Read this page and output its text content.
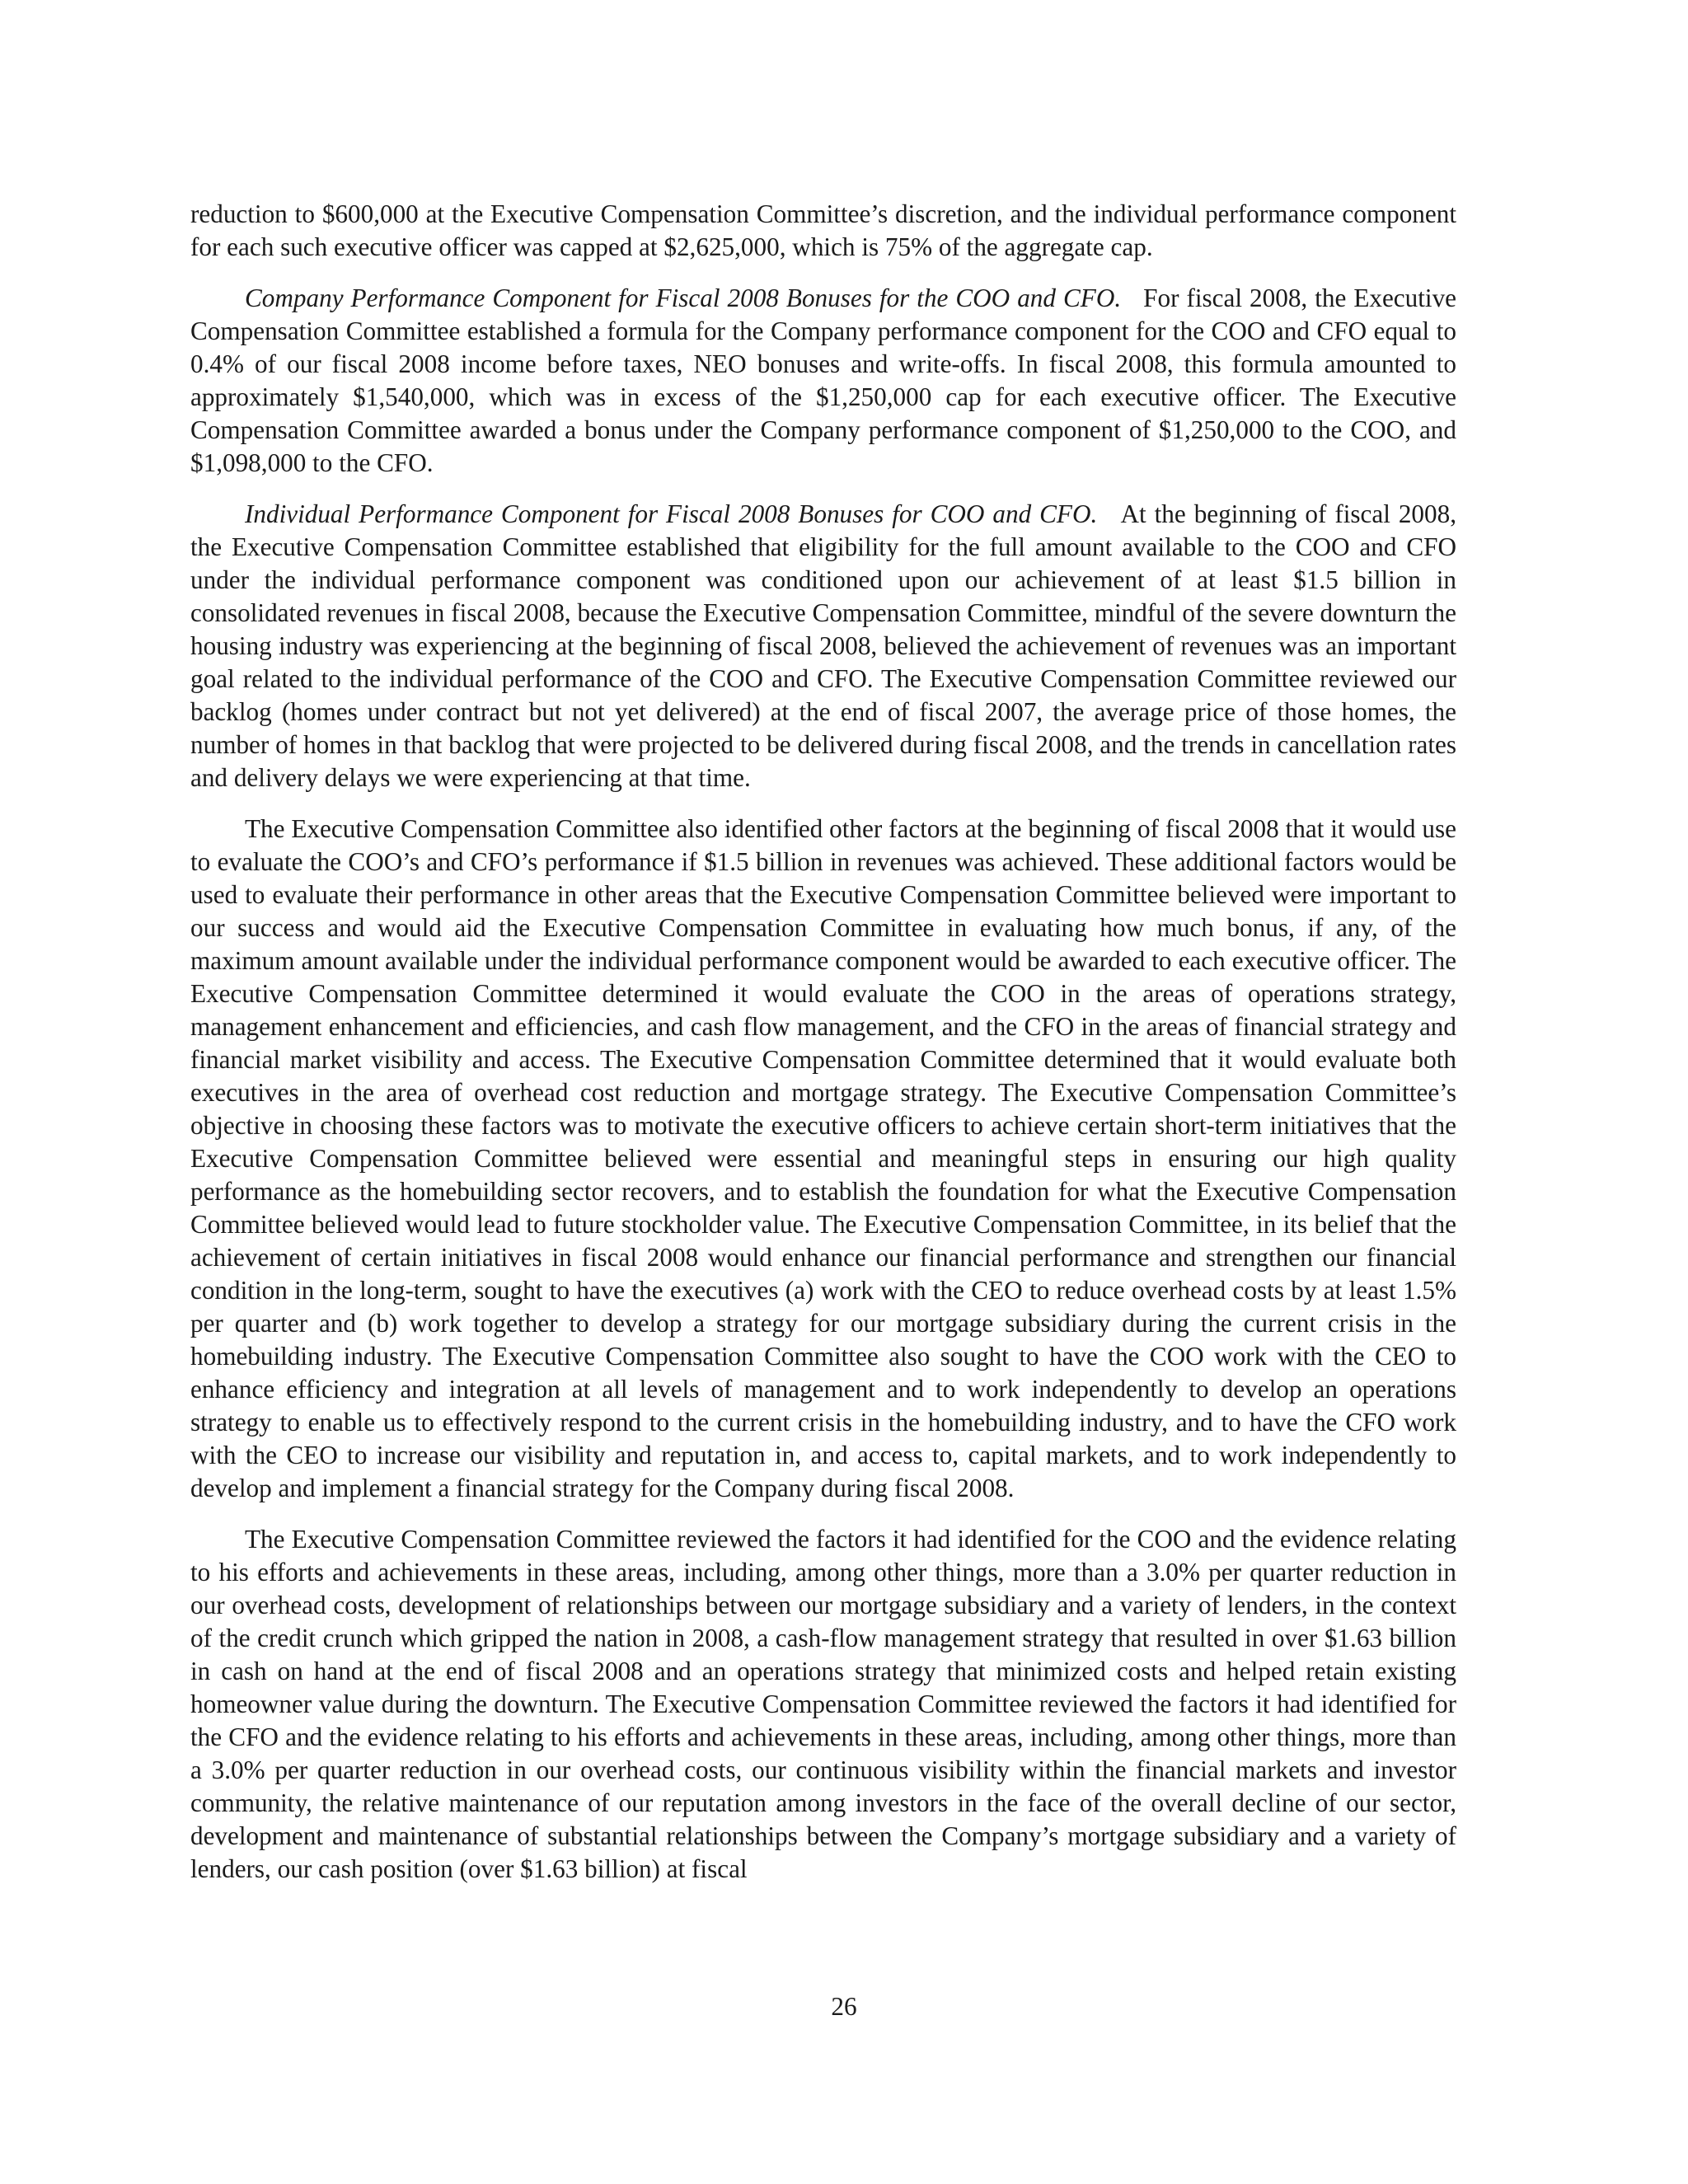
reduction to $600,000 at the Executive Compensation Committee’s discretion, and the individual performance component for each such executive officer was capped at $2,625,000, which is 75% of the aggregate cap.

Company Performance Component for Fiscal 2008 Bonuses for the COO and CFO. For fiscal 2008, the Executive Compensation Committee established a formula for the Company performance component for the COO and CFO equal to 0.4% of our fiscal 2008 income before taxes, NEO bonuses and write-offs. In fiscal 2008, this formula amounted to approximately $1,540,000, which was in excess of the $1,250,000 cap for each executive officer. The Executive Compensation Committee awarded a bonus under the Company performance component of $1,250,000 to the COO, and $1,098,000 to the CFO.

Individual Performance Component for Fiscal 2008 Bonuses for COO and CFO. At the beginning of fiscal 2008, the Executive Compensation Committee established that eligibility for the full amount available to the COO and CFO under the individual performance component was conditioned upon our achievement of at least $1.5 billion in consolidated revenues in fiscal 2008, because the Executive Compensation Committee, mindful of the severe downturn the housing industry was experiencing at the beginning of fiscal 2008, believed the achievement of revenues was an important goal related to the individual performance of the COO and CFO. The Executive Compensation Committee reviewed our backlog (homes under contract but not yet delivered) at the end of fiscal 2007, the average price of those homes, the number of homes in that backlog that were projected to be delivered during fiscal 2008, and the trends in cancellation rates and delivery delays we were experiencing at that time.

The Executive Compensation Committee also identified other factors at the beginning of fiscal 2008 that it would use to evaluate the COO’s and CFO’s performance if $1.5 billion in revenues was achieved. These additional factors would be used to evaluate their performance in other areas that the Executive Compensation Committee believed were important to our success and would aid the Executive Compensation Committee in evaluating how much bonus, if any, of the maximum amount available under the individual performance component would be awarded to each executive officer. The Executive Compensation Committee determined it would evaluate the COO in the areas of operations strategy, management enhancement and efficiencies, and cash flow management, and the CFO in the areas of financial strategy and financial market visibility and access. The Executive Compensation Committee determined that it would evaluate both executives in the area of overhead cost reduction and mortgage strategy. The Executive Compensation Committee’s objective in choosing these factors was to motivate the executive officers to achieve certain short-term initiatives that the Executive Compensation Committee believed were essential and meaningful steps in ensuring our high quality performance as the homebuilding sector recovers, and to establish the foundation for what the Executive Compensation Committee believed would lead to future stockholder value. The Executive Compensation Committee, in its belief that the achievement of certain initiatives in fiscal 2008 would enhance our financial performance and strengthen our financial condition in the long-term, sought to have the executives (a) work with the CEO to reduce overhead costs by at least 1.5% per quarter and (b) work together to develop a strategy for our mortgage subsidiary during the current crisis in the homebuilding industry. The Executive Compensation Committee also sought to have the COO work with the CEO to enhance efficiency and integration at all levels of management and to work independently to develop an operations strategy to enable us to effectively respond to the current crisis in the homebuilding industry, and to have the CFO work with the CEO to increase our visibility and reputation in, and access to, capital markets, and to work independently to develop and implement a financial strategy for the Company during fiscal 2008.

The Executive Compensation Committee reviewed the factors it had identified for the COO and the evidence relating to his efforts and achievements in these areas, including, among other things, more than a 3.0% per quarter reduction in our overhead costs, development of relationships between our mortgage subsidiary and a variety of lenders, in the context of the credit crunch which gripped the nation in 2008, a cash-flow management strategy that resulted in over $1.63 billion in cash on hand at the end of fiscal 2008 and an operations strategy that minimized costs and helped retain existing homeowner value during the downturn. The Executive Compensation Committee reviewed the factors it had identified for the CFO and the evidence relating to his efforts and achievements in these areas, including, among other things, more than a 3.0% per quarter reduction in our overhead costs, our continuous visibility within the financial markets and investor community, the relative maintenance of our reputation among investors in the face of the overall decline of our sector, development and maintenance of substantial relationships between the Company’s mortgage subsidiary and a variety of lenders, our cash position (over $1.63 billion) at fiscal

26
